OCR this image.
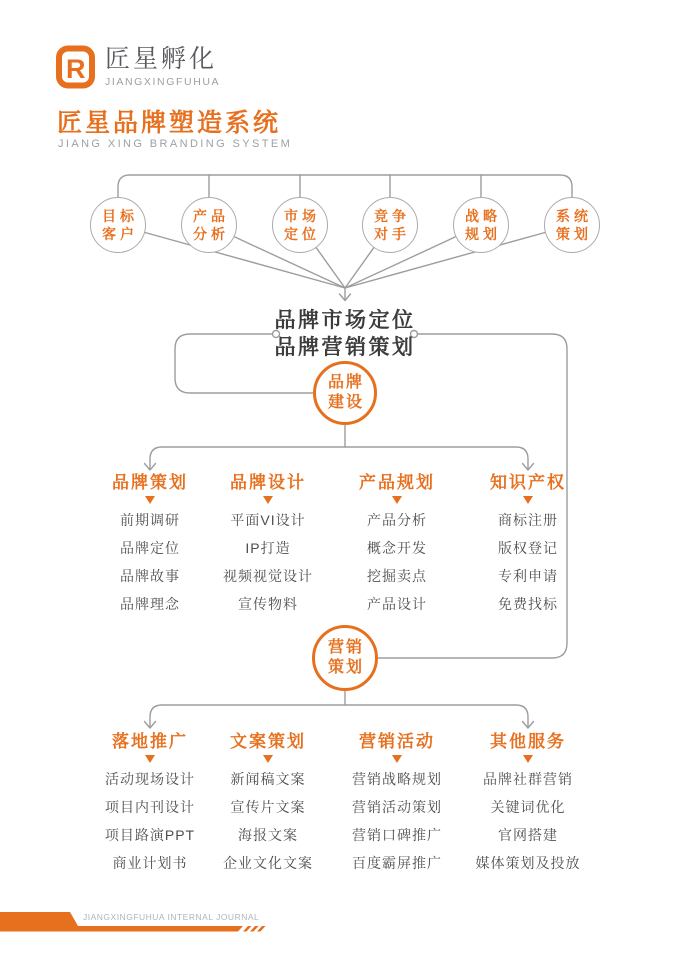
R 匠星孵化
JIANGXINGFUHUA
匠星品牌塑造系统
JIANG XING BRANDING SYSTEM
目标
客户
产品
分析
市场
定位
竞争
对手
战略
规划
系统
策划
品牌市场定位
品牌营销策划
品牌
建设
营销
策划
品牌策划
前期调研
品牌定位
品牌故事
品牌理念
品牌设计
平面VI设计
IP打造
视频视觉设计
宣传物料
产品规划
产品分析
概念开发
挖掘卖点
产品设计
知识产权
商标注册
版权登记
专利申请
免费找标
落地推广
活动现场设计
项目内刊设计
项目路演PPT
商业计划书
文案策划
新闻稿文案
宣传片文案
海报文案
企业文化文案
营销活动
营销战略规划
营销活动策划
营销口碑推广
百度霸屏推广
其他服务
品牌社群营销
关键词优化
官网搭建
媒体策划及投放
JIANGXINGFUHUA INTERNAL JOURNAL
